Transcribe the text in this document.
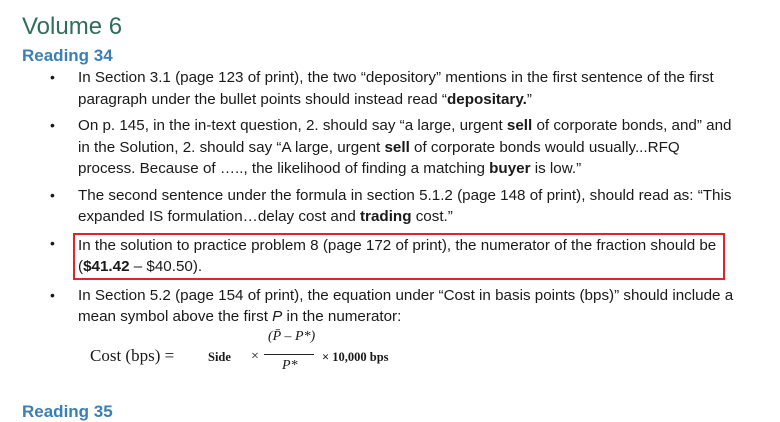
Volume 6
Reading 34
• In Section 3.1 (page 123 of print), the two “depository” mentions in the first sentence of the first paragraph under the bullet points should instead read “depositary.”
• On p. 145, in the in-text question, 2. should say “a large, urgent sell of corporate bonds, and” and in the Solution, 2. should say “A large, urgent sell of corporate bonds would usually...RFQ process. Because of ….., the likelihood of finding a matching buyer is low.”
• The second sentence under the formula in section 5.1.2 (page 148 of print), should read as: “This expanded IS formulation…delay cost and trading cost.”
• In the solution to practice problem 8 (page 172 of print), the numerator of the fraction should be ($41.42 – $40.50).
• In Section 5.2 (page 154 of print), the equation under “Cost in basis points (bps)” should include a mean symbol above the first P in the numerator:
Cost (bps) =	Side ×
(P̄ – P*)
P*
× 10,000 bps
Reading 35
